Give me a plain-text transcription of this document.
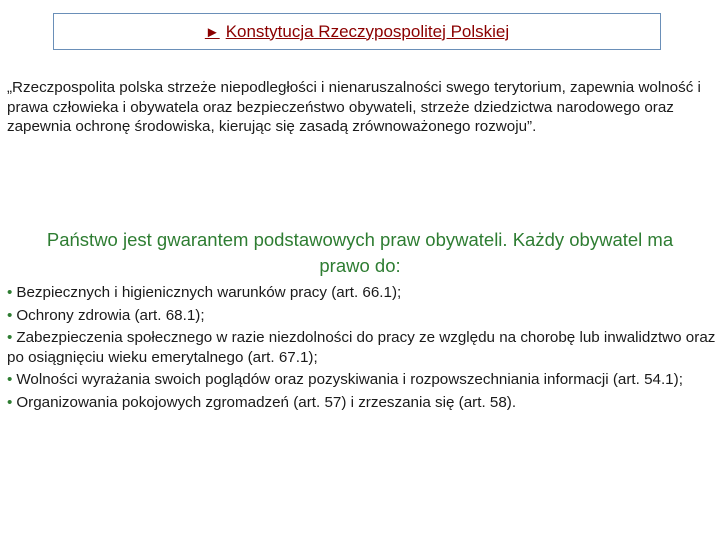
► Konstytucja Rzeczypospolitej Polskiej

„Rzeczpospolita polska strzeże niepodległości i nienaruszalności swego terytorium, zapewnia wolność i prawa człowieka i obywatela oraz bezpieczeństwo obywateli, strzeże dziedzictwa narodowego oraz zapewnia ochronę środowiska, kierując się zasadą zrównoważonego rozwoju”.

Państwo jest gwarantem podstawowych praw obywateli. Każdy obywatel ma prawo do:

• Bezpiecznych i higienicznych warunków pracy (art. 66.1);
• Ochrony zdrowia (art. 68.1);
• Zabezpieczenia społecznego w razie niezdolności do pracy ze względu na chorobę lub inwalidztwo oraz po osiągnięciu wieku emerytalnego (art. 67.1);
• Wolności wyrażania swoich poglądów oraz pozyskiwania i rozpowszechniania informacji (art. 54.1);
• Organizowania pokojowych zgromadzeń (art. 57) i zrzeszania się (art. 58).
